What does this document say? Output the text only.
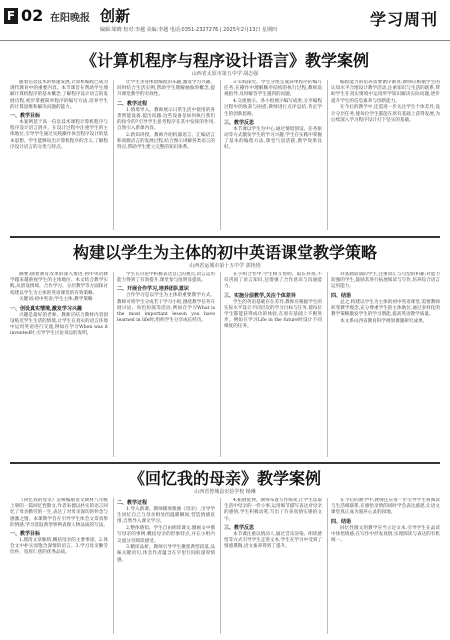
F 02 在阳晚报 创新
编辑:梁晓 校对:李越 美编:李越 电话:0351-2327276 | 2025年2月13日 星期四
学习周刊
《计算机程序与程序设计语言》教学案例
山西省太原市第五中学 胡志强

随着信息技术的快速发展,计算机编程已成为现代教育中的重要内容。本节课旨在帮助学生理解计算机程序的基本概念,了解程序设计语言的发展历程,初步掌握简单程序的编写方法,培养学生的计算思维和解决问题的能力。

一、教学目标

本案例基于高一信息技术课程计算机程序与程序设计语言展开。在设计过程中注重学生的主体地位,引导学生通过实践操作体会程序设计的基本思想。学生能够说出计算机程序的含义,了解程序设计语言的分类与特点。

让学生亲身体验编程的乐趣,激发学习兴趣。同时结合生活实例,帮助学生理解抽象的概念,提升课堂教学的有效性。

二、教学过程

1.情境导入。教师展示日常生活中使用的各类智能设备,提出问题:这些设备是如何执行我们的指令的?引导学生思考程序在其中发挥的作用,自然引入新课内容。

2.新知讲授。教师介绍机器语言、汇编语言和高级语言的发展过程,结合图示讲解各类语言的特点,帮助学生建立完整的知识体系。

3.实践探究。学生分组完成简单程序的编写任务,在操作中理解顺序结构的执行过程,教师巡视指导,及时解答学生遇到的问题。

4.交流展示。各小组展示编写成果,分享编程过程中的收获与困惑,教师进行点评总结,肯定学生的创新思路。

三、教学反思

本节课以学生为中心,通过情境创设、任务驱动等方式激发学生的学习兴趣,学生在实践中掌握了基本的编程方法,课堂气氛活跃,教学效果良好。

编程能力的培养需要循序渐进,教师应根据学生的认知水平合理设计教学活动,注重知识与生活的联系,帮助学生在真实情境中运用所学知识解决实际问题,逐步提升学生的信息素养与创新能力。

在今后的教学中,还需进一步关注学生个体差异,设计分层任务,使每位学生都能在原有基础上获得发展,为后续深入学习程序设计打下坚实的基础。

构建以学生为主体的初中英语课堂教学策略
山西省运城市第十五中学 郭艳艳

摘要:随着教育改革的深入推进,初中英语教学越来越重视学生的主体地位。本文结合教学实践,从创设情境、合作学习、分层教学等方面探讨构建以学生为主体的英语课堂的有效策略。

关键词:初中英语;学生主体;教学策略

一、创设真实情境,激发学习兴趣

兴趣是最好的老师。教师应结合教材内容创设贴近学生生活的情境,让学生在真实的语言环境中运用英语进行交流,例如在学习When was it invented时,引导学生讨论身边的发明。

学生在讨论中积极表达自己的观点,语言运用能力得到了有效提升,课堂参与度明显提高。

二、开展合作学习,培养团队意识

合作学习是以学生为主体的重要教学方式。教师可将学生分成若干学习小组,围绕教学任务开展讨论、角色扮演等活动,例如在学习What is the most important lesson you have learned in life时,组织学生分享成长经历。

在小组合作中,学生相互帮助、取长补短,不仅巩固了语言知识,还增强了合作意识与沟通能力。

三、实施分层教学,关注个体差异

学生的英语基础存在差异,教师应根据学生的实际水平设计不同层次的学习目标与任务,使每位学生都能获得成功的体验,在原有基础上不断进步。例如在学习Life in the future时设计不同梯度的任务。

对基础较弱的学生,注重词汇与句型的积累;对能力较强的学生,鼓励其进行拓展阅读与写作,培养综合语言运用能力。

四、结语

总之,构建以学生为主体的初中英语课堂,需要教师转变教学观念,充分尊重学生的主体地位,通过多样化的教学策略激发学生的学习潜能,提高英语教学质量。

本文系山西省教育科学规划课题研究成果。

《回忆我的母亲》教学案例
山西省曾城县实验学校 杨琳

《回忆我的母亲》是统编版语文教材八年级上册的一篇回忆性散文,作者朱德以朴实的语言回忆了母亲勤劳的一生,表达了对母亲深切的怀念与感激之情。本课教学旨在引导学生体会文章真挚的情感,学习选取典型事例表现人物品质的写法。

一、教学目标

1.理清文章脉络,概括母亲的主要事迹。2.体会文中朴实而饱含深情的语言。3.学习母亲勤劳俭朴、宽厚仁慈的优秀品质。

二、教学过程

1.导入新课。教师播放歌曲《母亲》,引导学生回忆自己与母亲相处的温暖瞬间,营造情感氛围,自然导入课文学习。

2.整体感知。学生自由朗读课文,圈画文中描写母亲的事例,概括母亲的形象特点,并在小组内交流分享阅读感受。

3.精读品析。教师引导学生聚焦典型段落,品味关键语句,体会作者蕴含在字里行间的深厚情感。

4.拓展延伸。教师布置写作练笔,让学生选取生活中母亲的一件小事,运用细节描写表达对母亲的感情,学生积极动笔,写出了许多真情实感的文字。

三、教学反思

本节课注重以情动人,通过音乐渲染、朗读感悟等方式引导学生走进文本,学生在学习中受到了情感熏陶,语文素养得到了提升。

在今后的教学中,教师还应进一步引导学生将阅读与生活相联系,在感悟亲情的同时学会表达感恩,让语文课堂真正成为滋养心灵的园地。

四、结语

回忆性散文的教学应当立足文本,引导学生在品读中体悟情感,在写作中抒发真情,实现阅读与表达的有机统一。
